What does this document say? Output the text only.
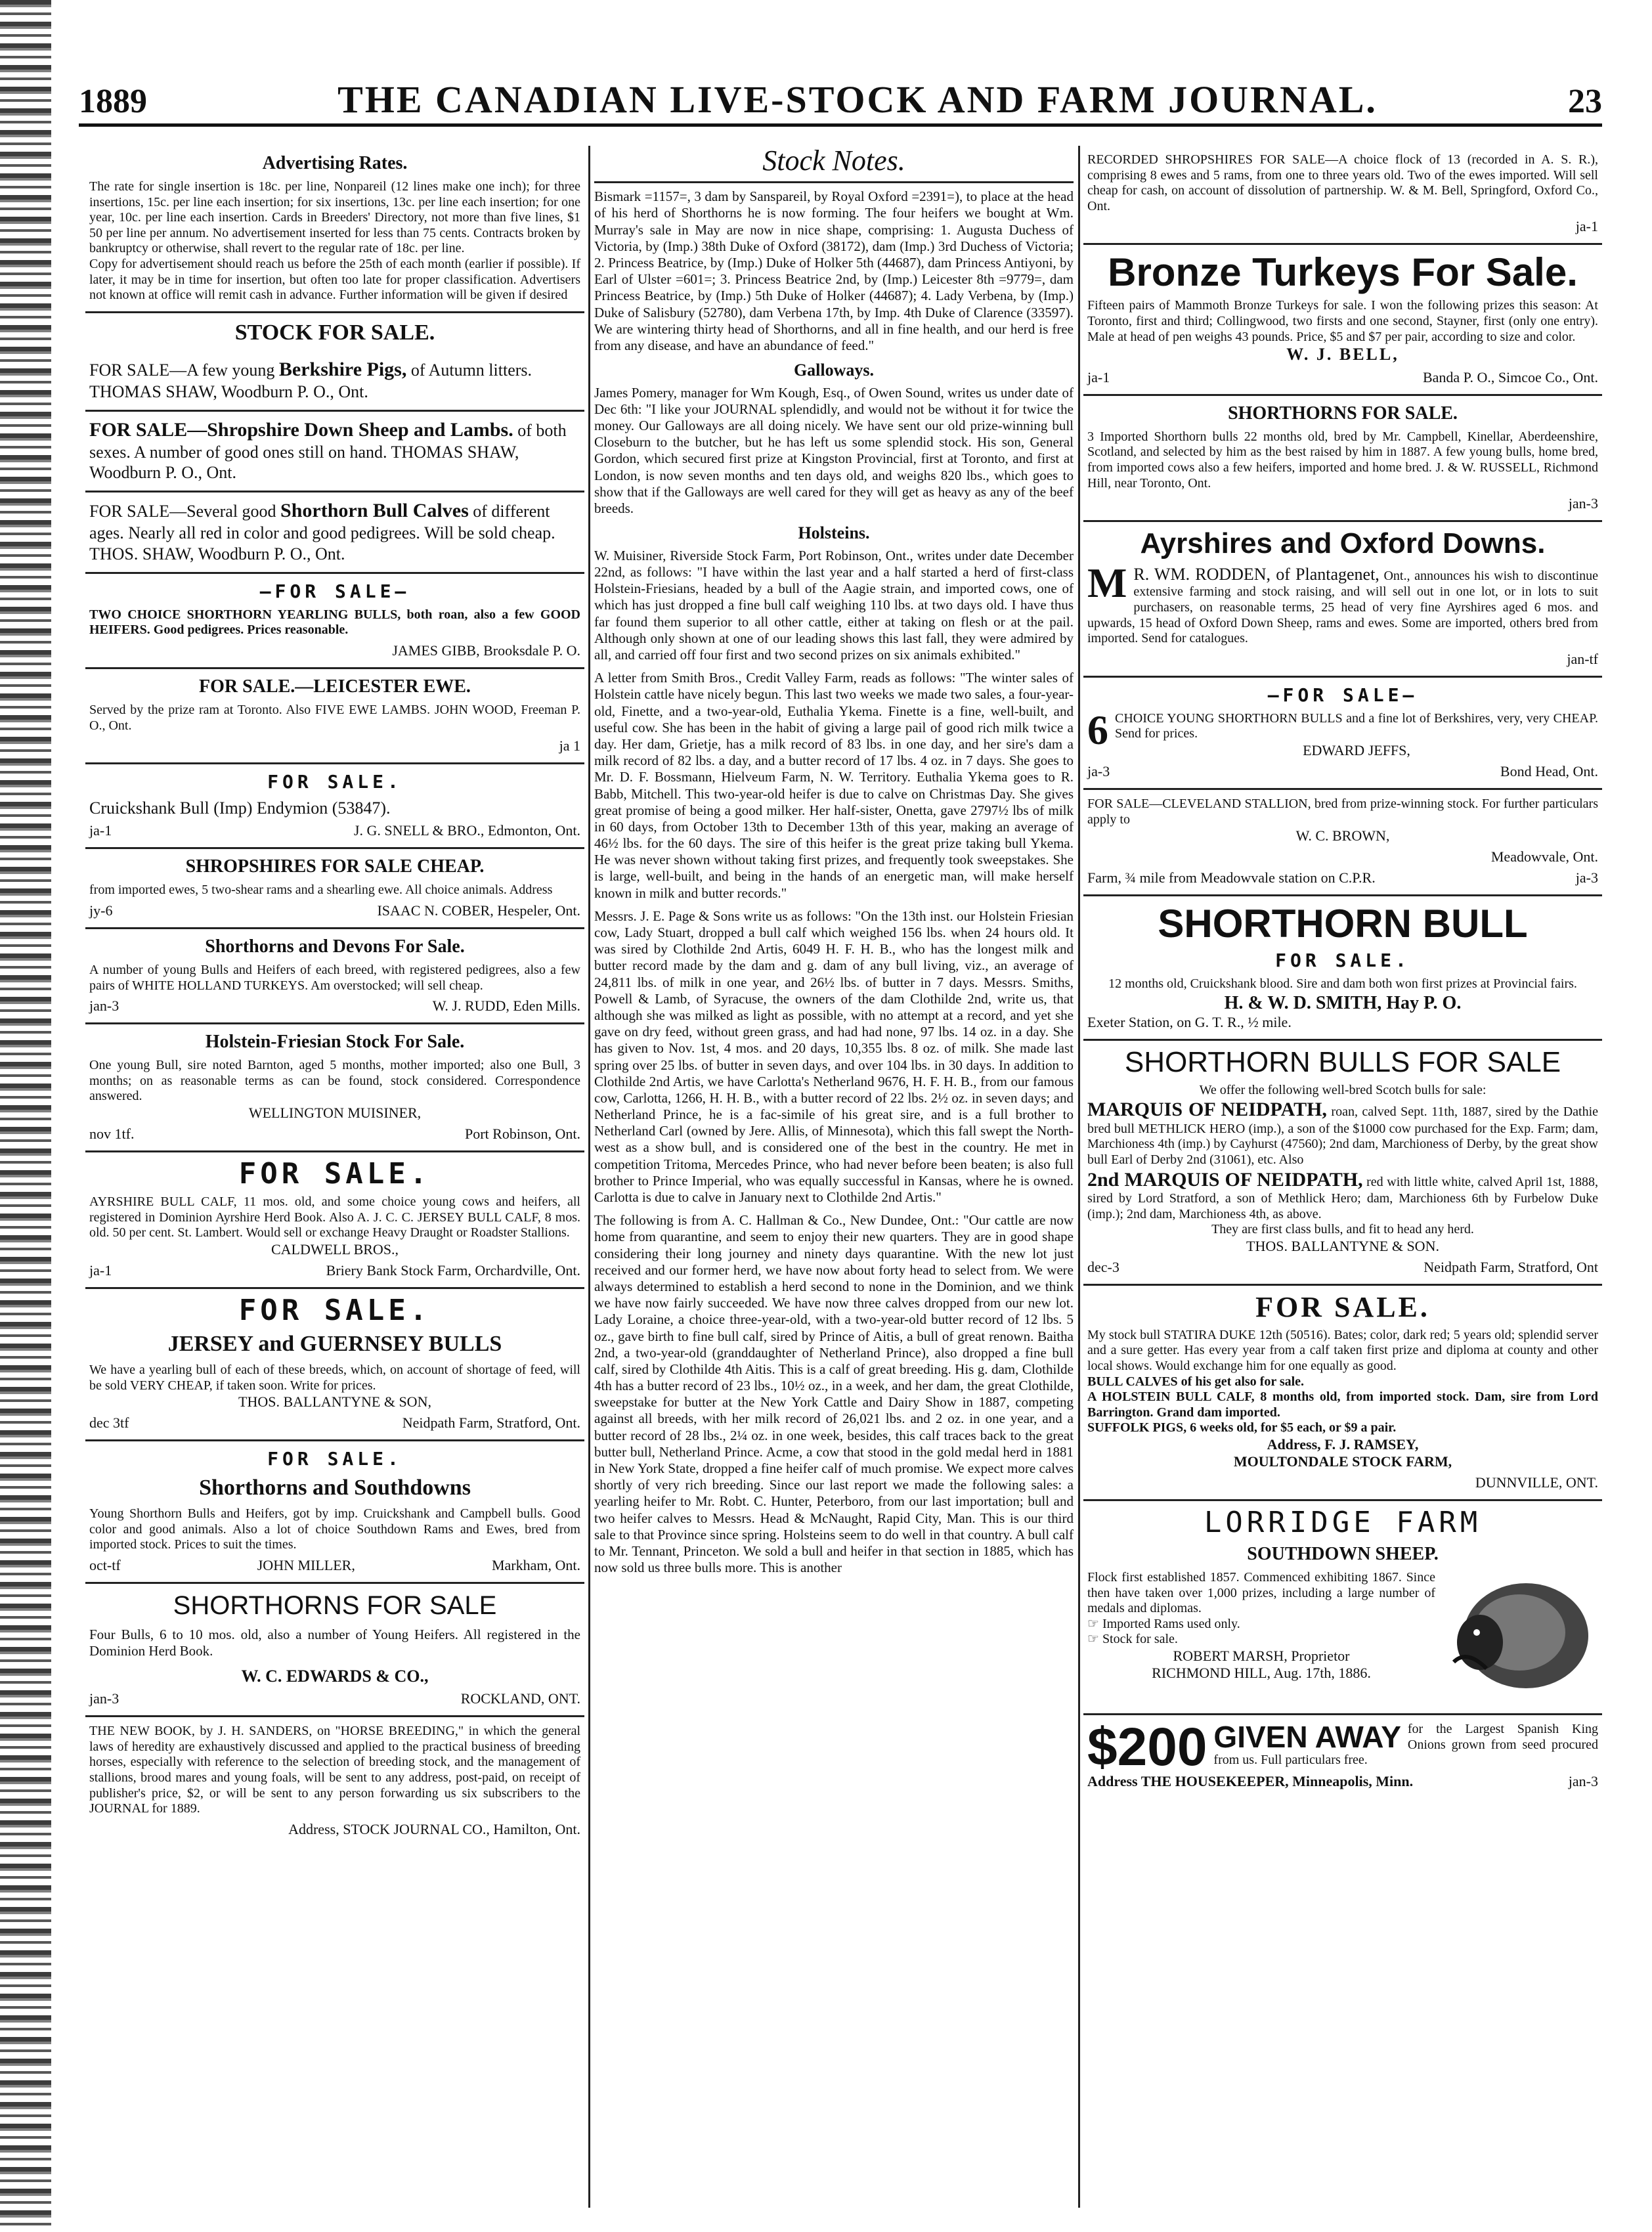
1889	THE CANADIAN LIVE-STOCK AND FARM JOURNAL.	23
Advertising Rates.

The rate for single insertion is 18c. per line, Nonpareil (12 lines make one inch); for three insertions, 15c. per line each insertion; for six insertions, 13c. per line each insertion; for one year, 10c. per line each insertion. Cards in Breeders' Directory, not more than five lines, $1 50 per line per annum. No advertisement inserted for less than 75 cents. Contracts broken by bankruptcy or otherwise, shall revert to the regular rate of 18c. per line.

Copy for advertisement should reach us before the 25th of each month (earlier if possible). If later, it may be in time for insertion, but often too late for proper classification. Advertisers not known at office will remit cash in advance. Further information will be given if desired

STOCK FOR SALE.

FOR SALE—A few young Berkshire Pigs, of Autumn litters. THOMAS SHAW, Woodburn P. O., Ont.

FOR SALE—Shropshire Down Sheep and Lambs. of both sexes. A number of good ones still on hand. THOMAS SHAW, Woodburn P. O., Ont.

FOR SALE—Several good Shorthorn Bull Calves of different ages. Nearly all red in color and good pedigrees. Will be sold cheap. THOS. SHAW, Woodburn P. O., Ont.

—FOR SALE—

TWO CHOICE SHORTHORN YEARLING BULLS, both roan, also a few GOOD HEIFERS. Good pedigrees. Prices reasonable.

JAMES GIBB, Brooksdale P. O.
FOR SALE.—LEICESTER EWE.

Served by the prize ram at Toronto. Also FIVE EWE LAMBS. JOHN WOOD, Freeman P. O., Ont.

ja 1
FOR SALE.

Cruickshank Bull (Imp) Endymion (53847).

ja-1	J. G. SNELL & BRO., Edmonton, Ont.
SHROPSHIRES FOR SALE CHEAP.

from imported ewes, 5 two-shear rams and a shearling ewe. All choice animals. Address

jy-6	ISAAC N. COBER, Hespeler, Ont.
Shorthorns and Devons For Sale.

A number of young Bulls and Heifers of each breed, with registered pedigrees, also a few pairs of WHITE HOLLAND TURKEYS. Am overstocked; will sell cheap.

jan-3	W. J. RUDD, Eden Mills.
Holstein-Friesian Stock For Sale.

One young Bull, sire noted Barnton, aged 5 months, mother imported; also one Bull, 3 months; on as reasonable terms as can be found, stock considered. Correspondence answered.

WELLINGTON MUISINER,
nov 1tf.	Port Robinson, Ont.
FOR SALE.

AYRSHIRE BULL CALF, 11 mos. old, and some choice young cows and heifers, all registered in Dominion Ayrshire Herd Book. Also A. J. C. C. JERSEY BULL CALF, 8 mos. old. 50 per cent. St. Lambert. Would sell or exchange Heavy Draught or Roadster Stallions.

CALDWELL BROS.,
ja-1	Briery Bank Stock Farm, Orchardville, Ont.
FOR SALE.
JERSEY and GUERNSEY BULLS

We have a yearling bull of each of these breeds, which, on account of shortage of feed, will be sold VERY CHEAP, if taken soon. Write for prices.

THOS. BALLANTYNE & SON,
dec 3tf	Neidpath Farm, Stratford, Ont.
FOR SALE.
Shorthorns and Southdowns

Young Shorthorn Bulls and Heifers, got by imp. Cruickshank and Campbell bulls. Good color and good animals. Also a lot of choice Southdown Rams and Ewes, bred from imported stock. Prices to suit the times.

oct-tf	JOHN MILLER,	Markham, Ont.
SHORTHORNS FOR SALE

Four Bulls, 6 to 10 mos. old, also a number of Young Heifers. All registered in the Dominion Herd Book.

W. C. EDWARDS & CO.,
jan-3	ROCKLAND, ONT.

THE NEW BOOK, by J. H. SANDERS, on "HORSE BREEDING," in which the general laws of heredity are exhaustively discussed and applied to the practical business of breeding horses, especially with reference to the selection of breeding stock, and the management of stallions, brood mares and young foals, will be sent to any address, post-paid, on receipt of publisher's price, $2, or will be sent to any person forwarding us six subscribers to the JOURNAL for 1889.

Address, STOCK JOURNAL CO., Hamilton, Ont.
Stock Notes.

Bismark =1157=, 3 dam by Sanspareil, by Royal Oxford =2391=), to place at the head of his herd of Shorthorns he is now forming. The four heifers we bought at Wm. Murray's sale in May are now in nice shape, comprising: 1. Augusta Duchess of Victoria, by (Imp.) 38th Duke of Oxford (38172), dam (Imp.) 3rd Duchess of Victoria; 2. Princess Beatrice, by (Imp.) Duke of Holker 5th (44687), dam Princess Antiyoni, by Earl of Ulster =601=; 3. Princess Beatrice 2nd, by (Imp.) Leicester 8th =9779=, dam Princess Beatrice, by (Imp.) 5th Duke of Holker (44687); 4. Lady Verbena, by (Imp.) Duke of Salisbury (52780), dam Verbena 17th, by Imp. 4th Duke of Clarence (33597). We are wintering thirty head of Shorthorns, and all in fine health, and our herd is free from any disease, and have an abundance of feed."

Galloways.

James Pomery, manager for Wm Kough, Esq., of Owen Sound, writes us under date of Dec 6th: "I like your JOURNAL splendidly, and would not be without it for twice the money. Our Galloways are all doing nicely. We have sent our old prize-winning bull Closeburn to the butcher, but he has left us some splendid stock. His son, General Gordon, which secured first prize at Kingston Provincial, first at Toronto, and first at London, is now seven months and ten days old, and weighs 820 lbs., which goes to show that if the Galloways are well cared for they will get as heavy as any of the beef breeds.

Holsteins.

W. Muisiner, Riverside Stock Farm, Port Robinson, Ont., writes under date December 22nd, as follows: "I have within the last year and a half started a herd of first-class Holstein-Friesians, headed by a bull of the Aagie strain, and imported cows, one of which has just dropped a fine bull calf weighing 110 lbs. at two days old. I have thus far found them superior to all other cattle, either at taking on flesh or at the pail. Although only shown at one of our leading shows this last fall, they were admired by all, and carried off four first and two second prizes on six animals exhibited."

A letter from Smith Bros., Credit Valley Farm, reads as follows: "The winter sales of Holstein cattle have nicely begun. This last two weeks we made two sales, a four-year-old, Finette, and a two-year-old, Euthalia Ykema. Finette is a fine, well-built, and useful cow. She has been in the habit of giving a large pail of good rich milk twice a day. Her dam, Grietje, has a milk record of 83 lbs. in one day, and her sire's dam a milk record of 82 lbs. a day, and a butter record of 17 lbs. 4 oz. in 7 days. She goes to Mr. D. F. Bossmann, Hielveum Farm, N. W. Territory. Euthalia Ykema goes to R. Babb, Mitchell. This two-year-old heifer is due to calve on Christmas Day. She gives great promise of being a good milker. Her half-sister, Onetta, gave 2797½ lbs of milk in 60 days, from October 13th to December 13th of this year, making an average of 46½ lbs. for the 60 days. The sire of this heifer is the great prize taking bull Ykema. He was never shown without taking first prizes, and frequently took sweepstakes. She is large, well-built, and being in the hands of an energetic man, will make herself known in milk and butter records."

Messrs. J. E. Page & Sons write us as follows: "On the 13th inst. our Holstein Friesian cow, Lady Stuart, dropped a bull calf which weighed 156 lbs. when 24 hours old. It was sired by Clothilde 2nd Artis, 6049 H. F. H. B., who has the longest milk and butter record made by the dam and g. dam of any bull living, viz., an average of 24,811 lbs. of milk in one year, and 26½ lbs. of butter in 7 days. Messrs. Smiths, Powell & Lamb, of Syracuse, the owners of the dam Clothilde 2nd, write us, that although she was milked as light as possible, with no attempt at a record, and yet she gave on dry feed, without green grass, and had had none, 97 lbs. 14 oz. in a day. She has given to Nov. 1st, 4 mos. and 20 days, 10,355 lbs. 8 oz. of milk. She made last spring over 25 lbs. of butter in seven days, and over 104 lbs. in 30 days. In addition to Clothilde 2nd Artis, we have Carlotta's Netherland 9676, H. F. H. B., from our famous cow, Carlotta, 1266, H. H. B., with a butter record of 22 lbs. 2½ oz. in seven days; and Netherland Prince, he is a fac-simile of his great sire, and is a full brother to Netherland Carl (owned by Jere. Allis, of Minnesota), which this fall swept the North-west as a show bull, and is considered one of the best in the country. He met in competition Tritoma, Mercedes Prince, who had never before been beaten; is also full brother to Prince Imperial, who was equally successful in Kansas, where he is owned. Carlotta is due to calve in January next to Clothilde 2nd Artis."

The following is from A. C. Hallman & Co., New Dundee, Ont.: "Our cattle are now home from quarantine, and seem to enjoy their new quarters. They are in good shape considering their long journey and ninety days quarantine. With the new lot just received and our former herd, we have now about forty head to select from. We were always determined to establish a herd second to none in the Dominion, and we think we have now fairly succeeded. We have now three calves dropped from our new lot. Lady Loraine, a choice three-year-old, with a two-year-old butter record of 12 lbs. 5 oz., gave birth to fine bull calf, sired by Prince of Aitis, a bull of great renown. Baitha 2nd, a two-year-old (granddaughter of Netherland Prince), also dropped a fine bull calf, sired by Clothilde 4th Aitis. This is a calf of great breeding. His g. dam, Clothilde 4th has a butter record of 23 lbs., 10½ oz., in a week, and her dam, the great Clothilde, sweepstake for butter at the New York Cattle and Dairy Show in 1887, competing against all breeds, with her milk record of 26,021 lbs. and 2 oz. in one year, and a butter record of 28 lbs., 2¼ oz. in one week, besides, this calf traces back to the great butter bull, Netherland Prince. Acme, a cow that stood in the gold medal herd in 1881 in New York State, dropped a fine heifer calf of much promise. We expect more calves shortly of very rich breeding. Since our last report we made the following sales: a yearling heifer to Mr. Robt. C. Hunter, Peterboro, from our last importation; bull and two heifer calves to Messrs. Head & McNaught, Rapid City, Man. This is our third sale to that Province since spring. Holsteins seem to do well in that country. A bull calf to Mr. Tennant, Princeton. We sold a bull and heifer in that section in 1885, which has now sold us three bulls more. This is another

RECORDED SHROPSHIRES FOR SALE—A choice flock of 13 (recorded in A. S. R.), comprising 8 ewes and 5 rams, from one to three years old. Two of the ewes imported. Will sell cheap for cash, on account of dissolution of partnership. W. & M. Bell, Springford, Oxford Co., Ont.

ja-1
Bronze Turkeys For Sale.

Fifteen pairs of Mammoth Bronze Turkeys for sale. I won the following prizes this season: At Toronto, first and third; Collingwood, two firsts and one second, Stayner, first (only one entry). Male at head of pen weighs 43 pounds. Price, $5 and $7 per pair, according to size and color.

W. J. BELL,
ja-1	Banda P. O., Simcoe Co., Ont.
SHORTHORNS FOR SALE.

3 Imported Shorthorn bulls 22 months old, bred by Mr. Campbell, Kinellar, Aberdeenshire, Scotland, and selected by him as the best raised by him in 1887. A few young bulls, home bred, from imported cows also a few heifers, imported and home bred. J. & W. RUSSELL, Richmond Hill, near Toronto, Ont.

jan-3
Ayrshires and Oxford Downs.

M R. WM. RODDEN, of Plantagenet, Ont., announces his wish to discontinue extensive farming and stock raising, and will sell out in one lot, or in lots to suit purchasers, on reasonable terms, 25 head of very fine Ayrshires aged 6 mos. and upwards, 15 head of Oxford Down Sheep, rams and ewes. Some are imported, others bred from imported. Send for catalogues.

jan-tf
—FOR SALE—

6 CHOICE YOUNG SHORTHORN BULLS and a fine lot of Berkshires, very, very CHEAP. Send for prices.

EDWARD JEFFS,
ja-3	Bond Head, Ont.

FOR SALE—CLEVELAND STALLION, bred from prize-winning stock. For further particulars apply to

W. C. BROWN,
Meadowvale, Ont.
Farm, ¾ mile from Meadowvale station on C.P.R.	ja-3
SHORTHORN BULL
FOR SALE.

12 months old, Cruickshank blood. Sire and dam both won first prizes at Provincial fairs.

H. & W. D. SMITH, Hay P. O.
Exeter Station, on G. T. R., ½ mile.
SHORTHORN BULLS FOR SALE

We offer the following well-bred Scotch bulls for sale:

MARQUIS OF NEIDPATH, roan, calved Sept. 11th, 1887, sired by the Dathie bred bull METHLICK HERO (imp.), a son of the $1000 cow purchased for the Exp. Farm; dam, Marchioness 4th (imp.) by Cayhurst (47560); 2nd dam, Marchioness of Derby, by the great show bull Earl of Derby 2nd (31061), etc. Also

2nd MARQUIS OF NEIDPATH, red with little white, calved April 1st, 1888, sired by Lord Stratford, a son of Methlick Hero; dam, Marchioness 6th by Furbelow Duke (imp.); 2nd dam, Marchioness 4th, as above.

They are first class bulls, and fit to head any herd.

THOS. BALLANTYNE & SON.
dec-3	Neidpath Farm, Stratford, Ont
FOR SALE.

My stock bull STATIRA DUKE 12th (50516). Bates; color, dark red; 5 years old; splendid server and a sure getter. Has every year from a calf taken first prize and diploma at county and other local shows. Would exchange him for one equally as good.

BULL CALVES of his get also for sale.

A HOLSTEIN BULL CALF, 8 months old, from imported stock. Dam, sire from Lord Barrington. Grand dam imported.

SUFFOLK PIGS, 6 weeks old, for $5 each, or $9 a pair.

Address, F. J. RAMSEY,
MOULTONDALE STOCK FARM,
DUNNVILLE, ONT.
LORRIDGE FARM
SOUTHDOWN SHEEP.

Flock first established 1857. Commenced exhibiting 1867. Since then have taken over 1,000 prizes, including a large number of medals and diplomas.

☞ Imported Rams used only.

☞ Stock for sale.

ROBERT MARSH, Proprietor
RICHMOND HILL, Aug. 17th, 1886.
$200 GIVEN AWAY for the Largest Spanish King Onions grown from seed procured from us. Full particulars free.

Address THE HOUSEKEEPER, Minneapolis, Minn.	jan-3
